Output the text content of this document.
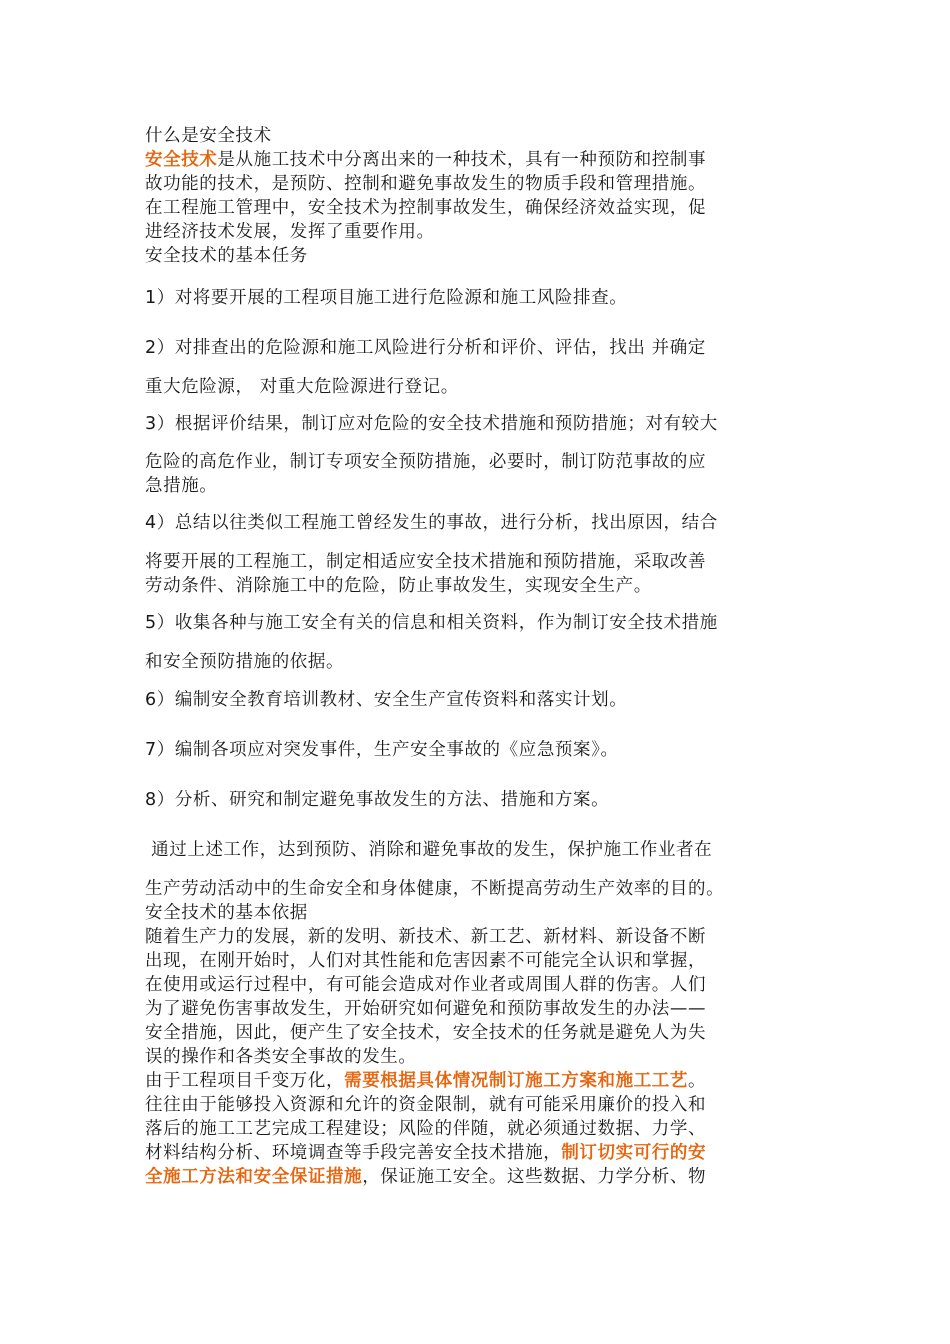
什么是安全技术
安全技术是从施工技术中分离出来的一种技术，具有一种预防和控制事
故功能的技术，是预防、控制和避免事故发生的物质手段和管理措施。
在工程施工管理中，安全技术为控制事故发生，确保经济效益实现，促
进经济技术发展，发挥了重要作用。
安全技术的基本任务
1）对将要开展的工程项目施工进行危险源和施工风险排查。
2）对排查出的危险源和施工风险进行分析和评价、评估，找出 并确定
重大危险源， 对重大危险源进行登记。
3）根据评价结果，制订应对危险的安全技术措施和预防措施；对有较大
危险的高危作业，制订专项安全预防措施，必要时，制订防范事故的应
急措施。
4）总结以往类似工程施工曾经发生的事故，进行分析，找出原因，结合
将要开展的工程施工，制定相适应安全技术措施和预防措施，采取改善
劳动条件、消除施工中的危险，防止事故发生，实现安全生产。
5）收集各种与施工安全有关的信息和相关资料，作为制订安全技术措施
和安全预防措施的依据。
6）编制安全教育培训教材、安全生产宣传资料和落实计划。
7）编制各项应对突发事件，生产安全事故的《应急预案》。
8）分析、研究和制定避免事故发生的方法、措施和方案。
通过上述工作，达到预防、消除和避免事故的发生，保护施工作业者在
生产劳动活动中的生命安全和身体健康，不断提高劳动生产效率的目的。
安全技术的基本依据
随着生产力的发展，新的发明、新技术、新工艺、新材料、新设备不断
出现，在刚开始时，人们对其性能和危害因素不可能完全认识和掌握，
在使用或运行过程中，有可能会造成对作业者或周围人群的伤害。人们
为了避免伤害事故发生，开始研究如何避免和预防事故发生的办法——
安全措施，因此，便产生了安全技术，安全技术的任务就是避免人为失
误的操作和各类安全事故的发生。
由于工程项目千变万化，需要根据具体情况制订施工方案和施工工艺。
往往由于能够投入资源和允许的资金限制，就有可能采用廉价的投入和
落后的施工工艺完成工程建设；风险的伴随，就必须通过数据、力学、
材料结构分析、环境调查等手段完善安全技术措施，制订切实可行的安
全施工方法和安全保证措施，保证施工安全。这些数据、力学分析、物
